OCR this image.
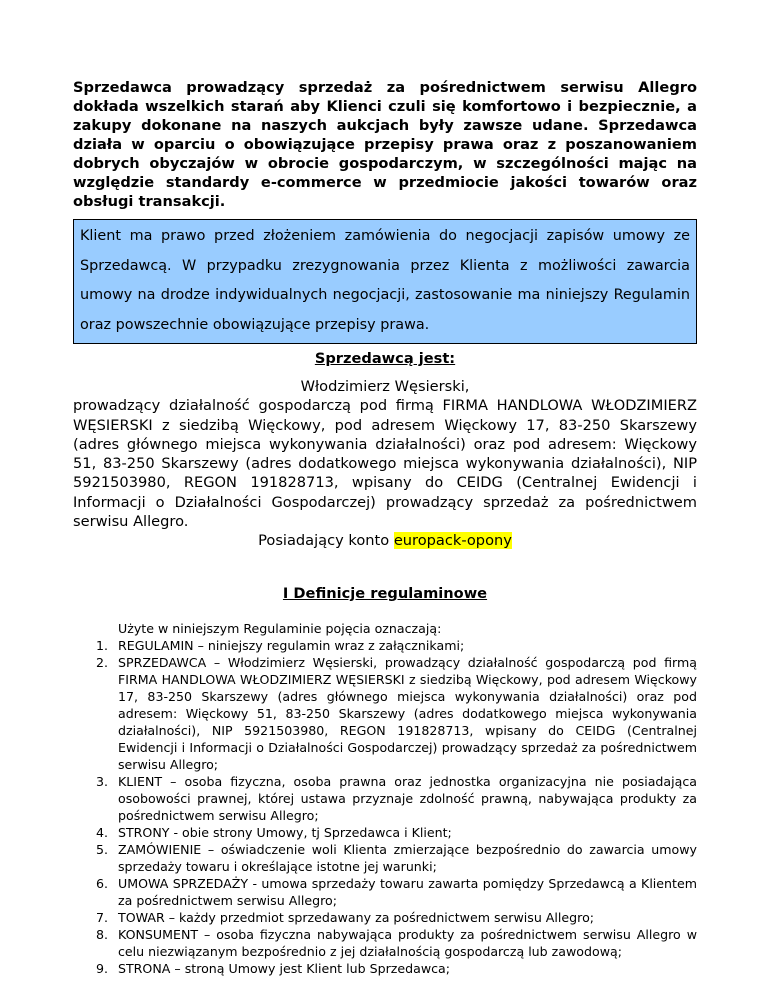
Sprzedawca prowadzący sprzedaż za pośrednictwem serwisu Allegro dokłada wszelkich starań aby Klienci czuli się komfortowo i bezpiecznie, a zakupy dokonane na naszych aukcjach były zawsze udane. Sprzedawca działa w oparciu o obowiązujące przepisy prawa oraz z poszanowaniem dobrych obyczajów w obrocie gospodarczym, w szczególności mając na względzie standardy e-commerce w przedmiocie jakości towarów oraz obsługi transakcji.

Klient ma prawo przed złożeniem zamówienia do negocjacji zapisów umowy ze Sprzedawcą. W przypadku zrezygnowania przez Klienta z możliwości zawarcia umowy na drodze indywidualnych negocjacji, zastosowanie ma niniejszy Regulamin oraz powszechnie obowiązujące przepisy prawa.
Sprzedawcą jest:
Włodzimierz Węsierski,
prowadzący działalność gospodarczą pod firmą FIRMA HANDLOWA WŁODZIMIERZ WĘSIERSKI z siedzibą Więckowy, pod adresem Więckowy 17, 83-250 Skarszewy (adres głównego miejsca wykonywania działalności) oraz pod adresem: Więckowy 51, 83-250 Skarszewy (adres dodatkowego miejsca wykonywania działalności), NIP 5921503980, REGON 191828713, wpisany do CEIDG (Centralnej Ewidencji i Informacji o Działalności Gospodarczej) prowadzący sprzedaż za pośrednictwem serwisu Allegro.
Posiadający konto europack-opony
I Definicje regulaminowe
Użyte w niniejszym Regulaminie pojęcia oznaczają:
1. REGULAMIN – niniejszy regulamin wraz z załącznikami;
2. SPRZEDAWCA – Włodzimierz Węsierski, prowadzący działalność gospodarczą pod firmą FIRMA HANDLOWA WŁODZIMIERZ WĘSIERSKI z siedzibą Więckowy, pod adresem Więckowy 17, 83-250 Skarszewy (adres głównego miejsca wykonywania działalności) oraz pod adresem: Więckowy 51, 83-250 Skarszewy (adres dodatkowego miejsca wykonywania działalności), NIP 5921503980, REGON 191828713, wpisany do CEIDG (Centralnej Ewidencji i Informacji o Działalności Gospodarczej) prowadzący sprzedaż za pośrednictwem serwisu Allegro;
3. KLIENT – osoba fizyczna, osoba prawna oraz jednostka organizacyjna nie posiadająca osobowości prawnej, której ustawa przyznaje zdolność prawną, nabywająca produkty za pośrednictwem serwisu Allegro;
4. STRONY - obie strony Umowy, tj Sprzedawca i Klient;
5. ZAMÓWIENIE – oświadczenie woli Klienta zmierzające bezpośrednio do zawarcia umowy sprzedaży towaru i określające istotne jej warunki;
6. UMOWA SPRZEDAŻY - umowa sprzedaży towaru zawarta pomiędzy Sprzedawcą a Klientem za pośrednictwem serwisu Allegro;
7. TOWAR – każdy przedmiot sprzedawany za pośrednictwem serwisu Allegro;
8. KONSUMENT – osoba fizyczna nabywająca produkty za pośrednictwem serwisu Allegro w celu niezwiązanym bezpośrednio z jej działalnością gospodarczą lub zawodową;
9. STRONA – stroną Umowy jest Klient lub Sprzedawca;
